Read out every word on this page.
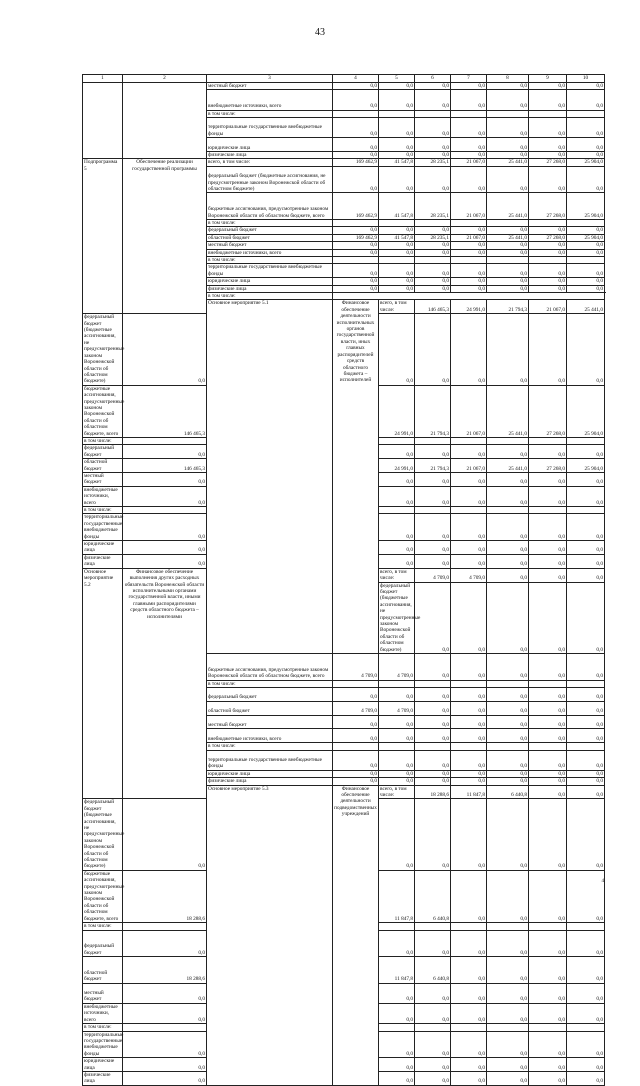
43
1	2	3	4	5	6	7	8	9	10	
		местный бюджет	0,0	0,0	0,0	0,0	0,0	0,0	0,0	
		внебюджетные источники, всего	0,0	0,0	0,0	0,0	0,0	0,0	0,0	
		в том числе:								
		территориальные государственные внебюджетные фонды	0,0	0,0	0,0	0,0	0,0	0,0	0,0	
		юридические лица	0,0	0,0	0,0	0,0	0,0	0,0	0,0	
		физические лица	0,0	0,0	0,0	0,0	0,0	0,0	0,0	
Подпрограмма 5	Обеспечение реализации государственной программы	всего, в том числе:	169 462,9	41 547,8	28 235,1	21 067,0	25 441,0	27 268,0	25 904,0	
		федеральный бюджет (бюджетные ассигнования, не предусмотренные законом Воронежской области об областном бюджете)	0,0	0,0	0,0	0,0	0,0	0,0	0,0	
		бюджетные ассигнования, предусмотренные законом Воронежской области об областном бюджете, всего	169 462,9	41 547,8	28 235,1	21 067,0	25 441,0	27 268,0	25 904,0	
		в том числе:								
		федеральный бюджет	0,0	0,0	0,0	0,0	0,0	0,0	0,0	
		областной бюджет	169 462,9	41 547,8	28 235,1	21 067,0	25 441,0	27 268,0	25 904,0	
		местный бюджет	0,0	0,0	0,0	0,0	0,0	0,0	0,0	
		внебюджетные источники, всего	0,0	0,0	0,0	0,0	0,0	0,0	0,0	
		в том числе:								
		территориальные государственные внебюджетные фонды	0,0	0,0	0,0	0,0	0,0	0,0	0,0	
		юридические лица	0,0	0,0	0,0	0,0	0,0	0,0	0,0	
		физические лица	0,0	0,0	0,0	0,0	0,0	0,0	0,0	
		в том числе:								
		Основное мероприятие 5.1	Финансовое обеспечение деятельности исполнительных органов государственной власти, иных главных распорядителей средств областного бюджета – исполнителей	всего, в том числе:	146 465,3	24 991,0	21 794,3	21 067,0	25 441,0		
федеральный бюджет (бюджетные ассигнования, не предусмотренные законом Воронежской области об областном бюджете)	0,0			0,0	0,0	0,0	0,0	0,0	0,0	
бюджетные ассигнования, предусмотренные законом Воронежской области об областном бюджете, всего	146 465,3			24 991,0	21 794,3	21 067,0	25 441,0	27 268,0	25 904,0	
в том числе:										
федеральный бюджет	0,0			0,0	0,0	0,0	0,0	0,0	0,0	
областной бюджет	146 465,3			24 991,0	21 794,3	21 067,0	25 441,0	27 268,0	25 904,0	
местный бюджет	0,0			0,0	0,0	0,0	0,0	0,0	0,0	
внебюджетные источники, всего	0,0			0,0	0,0	0,0	0,0	0,0	0,0	
в том числе:										
территориальные государственные внебюджетные фонды	0,0			0,0	0,0	0,0	0,0	0,0	0,0	
юридические лица	0,0			0,0	0,0	0,0	0,0	0,0	0,0	
физические лица	0,0			0,0	0,0	0,0	0,0	0,0	0,0	
Основное мероприятие 5.2	Финансовое обеспечение выполнения других расходных обязательств Воронежской области исполнительными органами государственной власти, иными главными распорядителями средств областного бюджета – исполнителями			всего, в том числе:	4 709,0	4 709,0	0,0	0,0	0,0		
				федеральный бюджет (бюджетные ассигнования, не предусмотренные законом Воронежской области об областном бюджете)	0,0	0,0	0,0	0,0	0,0		
		бюджетные ассигнования, предусмотренные законом Воронежской области об областном бюджете, всего	4 709,0	4 709,0	0,0	0,0	0,0	0,0	0,0	
		в том числе:								
		федеральный бюджет	0,0	0,0	0,0	0,0	0,0	0,0	0,0	
		областной бюджет	4 709,0	4 709,0	0,0	0,0	0,0	0,0	0,0	
		местный бюджет	0,0	0,0	0,0	0,0	0,0	0,0	0,0	
		внебюджетные источники, всего	0,0	0,0	0,0	0,0	0,0	0,0	0,0	
		в том числе:								
		территориальные государственные внебюджетные фонды	0,0	0,0	0,0	0,0	0,0	0,0	0,0	
		юридические лица	0,0	0,0	0,0	0,0	0,0	0,0	0,0	
		физические лица	0,0	0,0	0,0	0,0	0,0	0,0	0,0	
		Основное мероприятие 5.3	Финансовое обеспечение деятельности подведомственных учреждений	всего, в том числе:	18 288,6	11 847,8	6 440,8	0,0	0,0		
федеральный бюджет (бюджетные ассигнования, не предусмотренные законом Воронежской области об областном бюджете)	0,0			0,0	0,0	0,0	0,0	0,0	0,0	
бюджетные ассигнования, предусмотренные законом Воронежской области об областном бюджете, всего	18 288,6			11 847,8	6 440,8	0,0	0,0	0,0	0,0	
в том числе:										
федеральный бюджет	0,0			0,0	0,0	0,0	0,0	0,0	0,0	
областной бюджет	18 288,6			11 847,8	6 440,8	0,0	0,0	0,0	0,0	
местный бюджет	0,0			0,0	0,0	0,0	0,0	0,0	0,0	
внебюджетные источники, всего	0,0			0,0	0,0	0,0	0,0	0,0	0,0	
в том числе:										
территориальные государственные внебюджетные фонды	0,0			0,0	0,0	0,0	0,0	0,0	0,0	
юридические лица	0,0			0,0	0,0	0,0	0,0	0,0	0,0	
физические лица	0,0			0,0	0,0	0,0	0,0	0,0	0,0	
4
